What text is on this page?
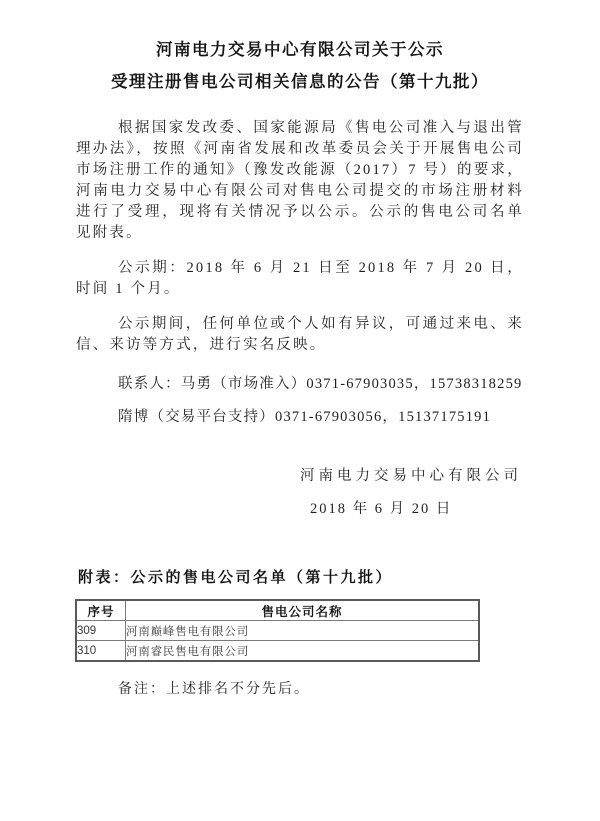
河南电力交易中心有限公司关于公示
受理注册售电公司相关信息的公告（第十九批）

根据国家发改委、国家能源局《售电公司准入与退出管理办法》，按照《河南省发展和改革委员会关于开展售电公司市场注册工作的通知》（豫发改能源（2017）7 号）的要求，河南电力交易中心有限公司对售电公司提交的市场注册材料进行了受理，现将有关情况予以公示。公示的售电公司名单见附表。

公示期：2018 年 6 月 21 日至 2018 年 7 月 20 日，时间 1 个月。

公示期间，任何单位或个人如有异议，可通过来电、来信、来访等方式，进行实名反映。

联系人：马勇（市场准入）0371-67903035，15738318259

隋博（交易平台支持）0371-67903056，15137175191

河南电力交易中心有限公司
2018 年 6 月 20 日
附表：公示的售电公司名单（第十九批）
序号	售电公司名称
309	河南巅峰售电有限公司
310	河南睿民售电有限公司
备注：上述排名不分先后。
